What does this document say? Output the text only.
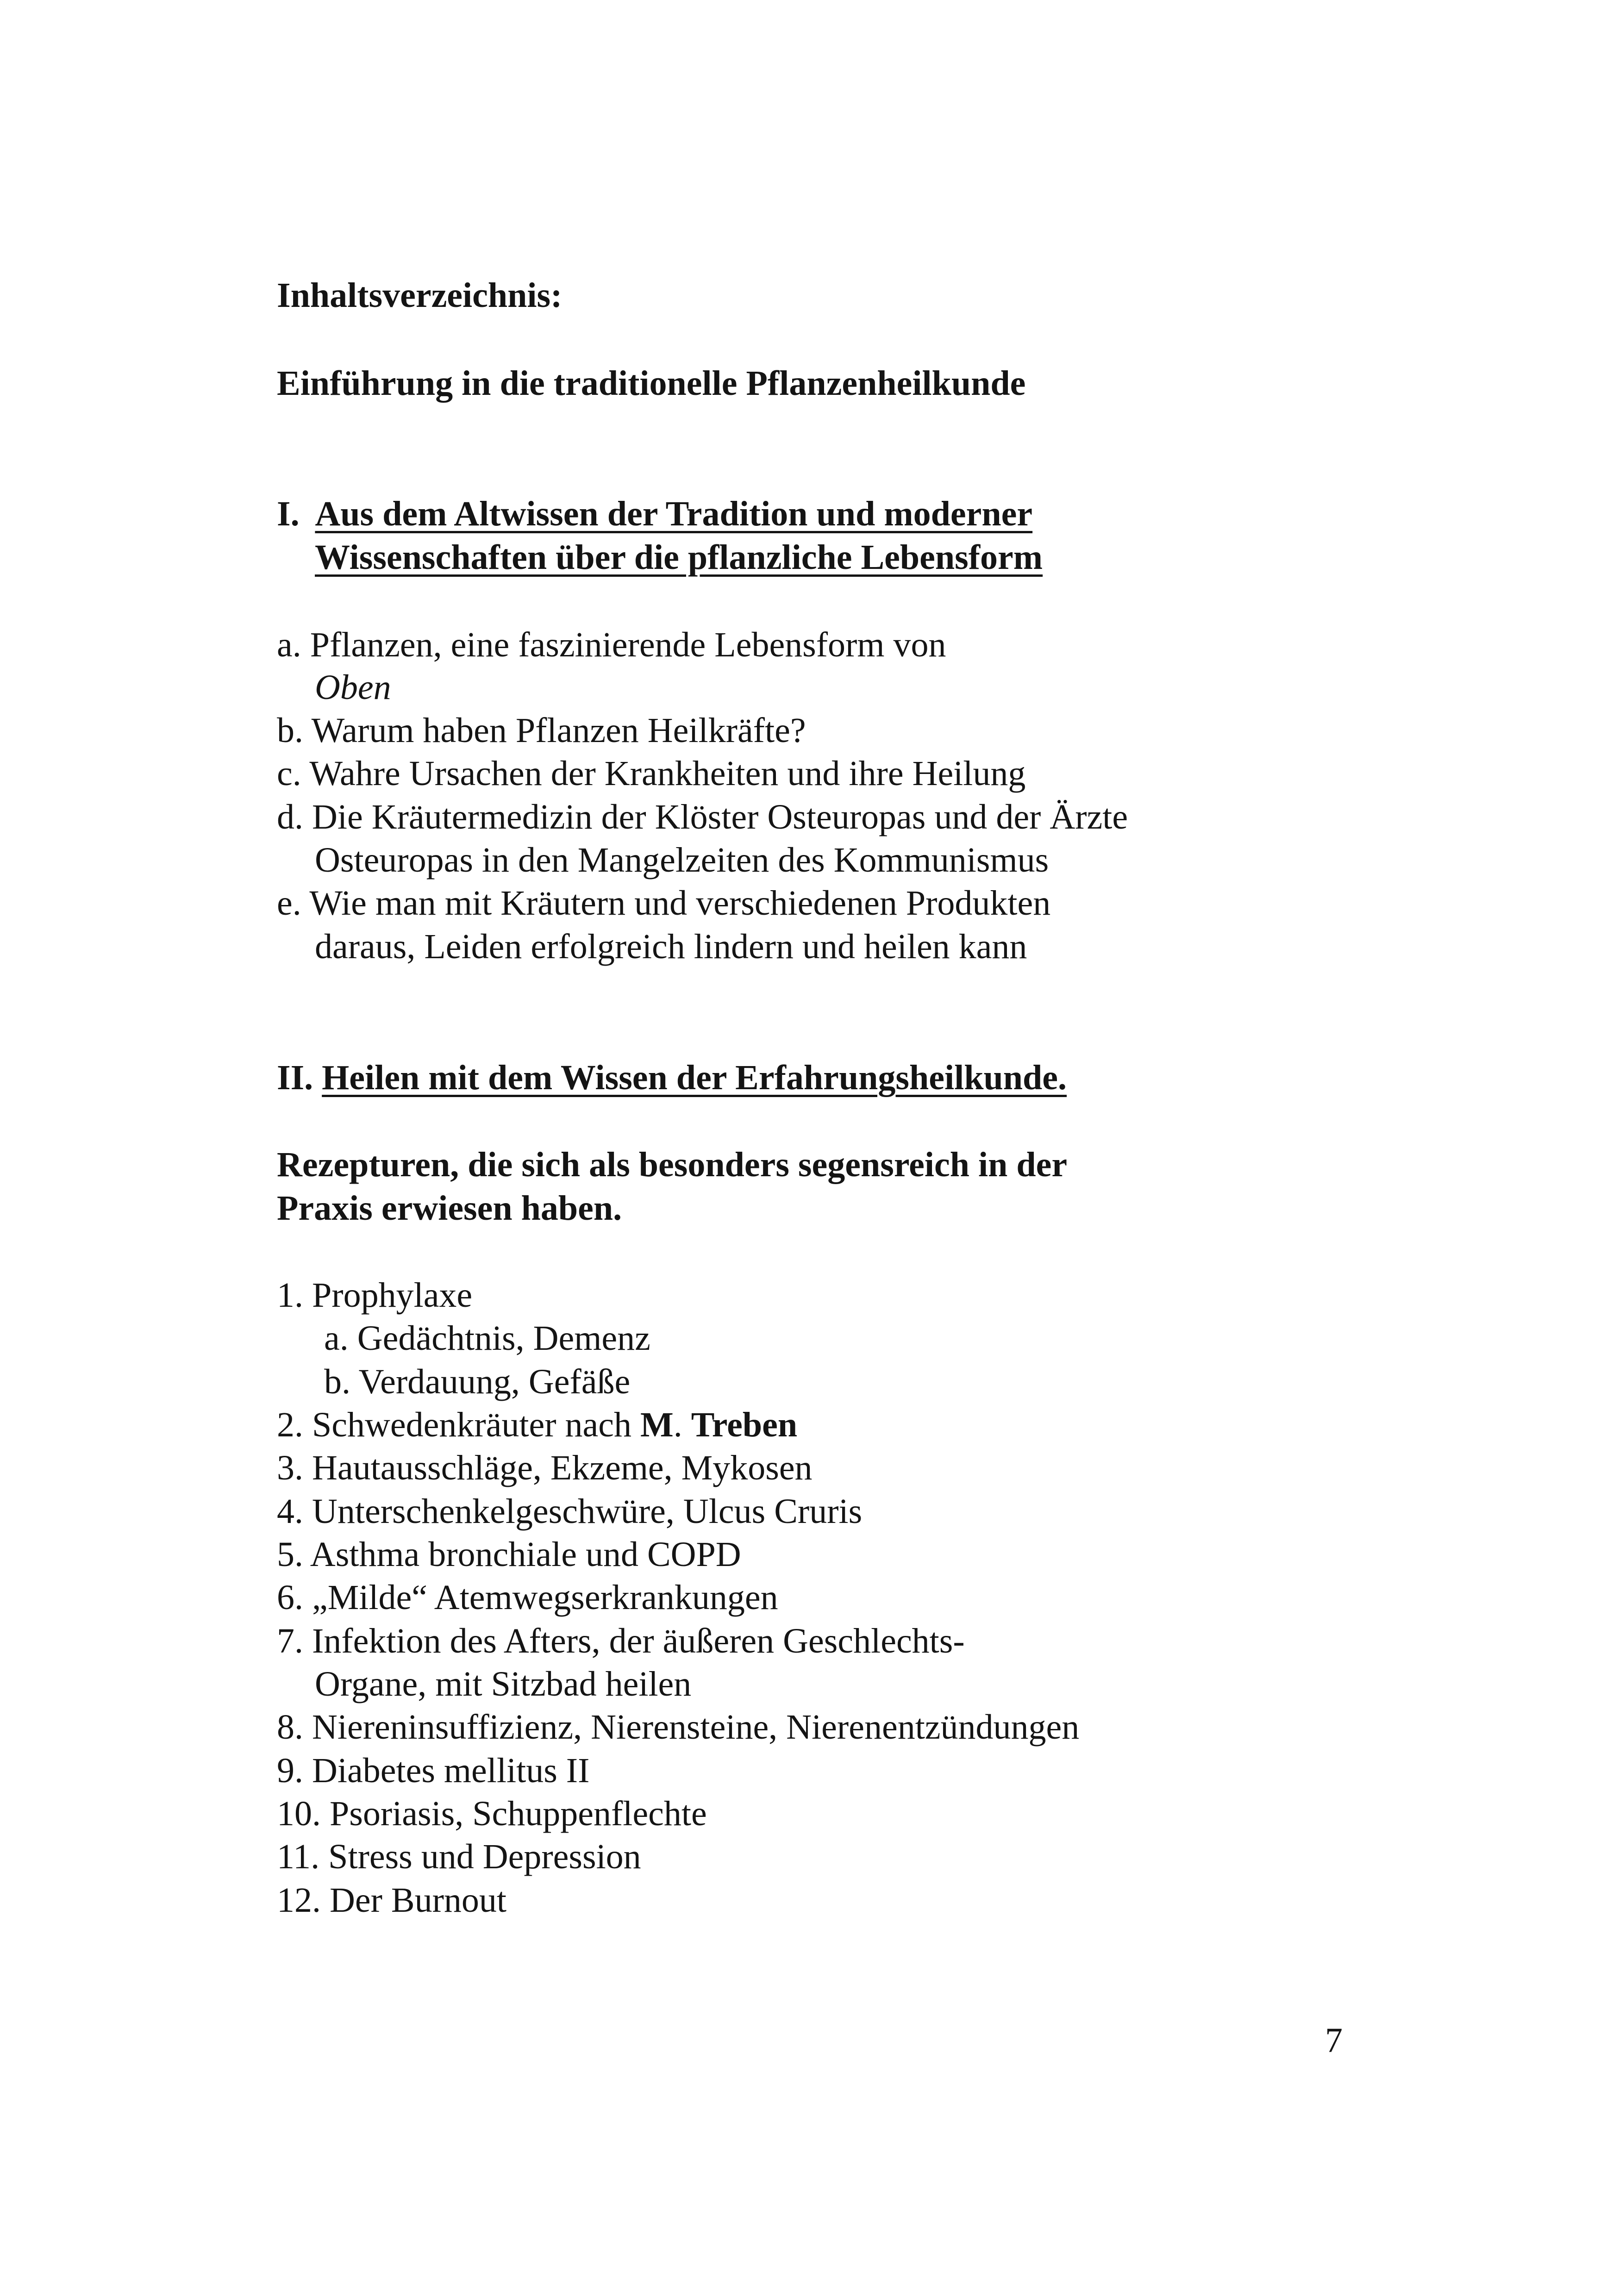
Inhaltsverzeichnis:
Einführung in die traditionelle Pflanzenheilkunde
I. Aus dem Altwissen der Tradition und moderner
Wissenschaften über die pflanzliche Lebensform
a. Pflanzen, eine faszinierende Lebensform von
Oben
b. Warum haben Pflanzen Heilkräfte?
c. Wahre Ursachen der Krankheiten und ihre Heilung
d. Die Kräutermedizin der Klöster Osteuropas und der Ärzte
Osteuropas in den Mangelzeiten des Kommunismus
e. Wie man mit Kräutern und verschiedenen Produkten
daraus, Leiden erfolgreich lindern und heilen kann
II. Heilen mit dem Wissen der Erfahrungsheilkunde.
Rezepturen, die sich als besonders segensreich in der
Praxis erwiesen haben.
1. Prophylaxe
a. Gedächtnis, Demenz
b. Verdauung, Gefäße
2. Schwedenkräuter nach M. Treben
3. Hautausschläge, Ekzeme, Mykosen
4. Unterschenkelgeschwüre, Ulcus Cruris
5. Asthma bronchiale und COPD
6. „Milde“ Atemwegserkrankungen
7. Infektion des Afters, der äußeren Geschlechts-
Organe, mit Sitzbad heilen
8. Niereninsuffizienz, Nierensteine, Nierenentzündungen
9. Diabetes mellitus II
10. Psoriasis, Schuppenflechte
11. Stress und Depression
12. Der Burnout
7
